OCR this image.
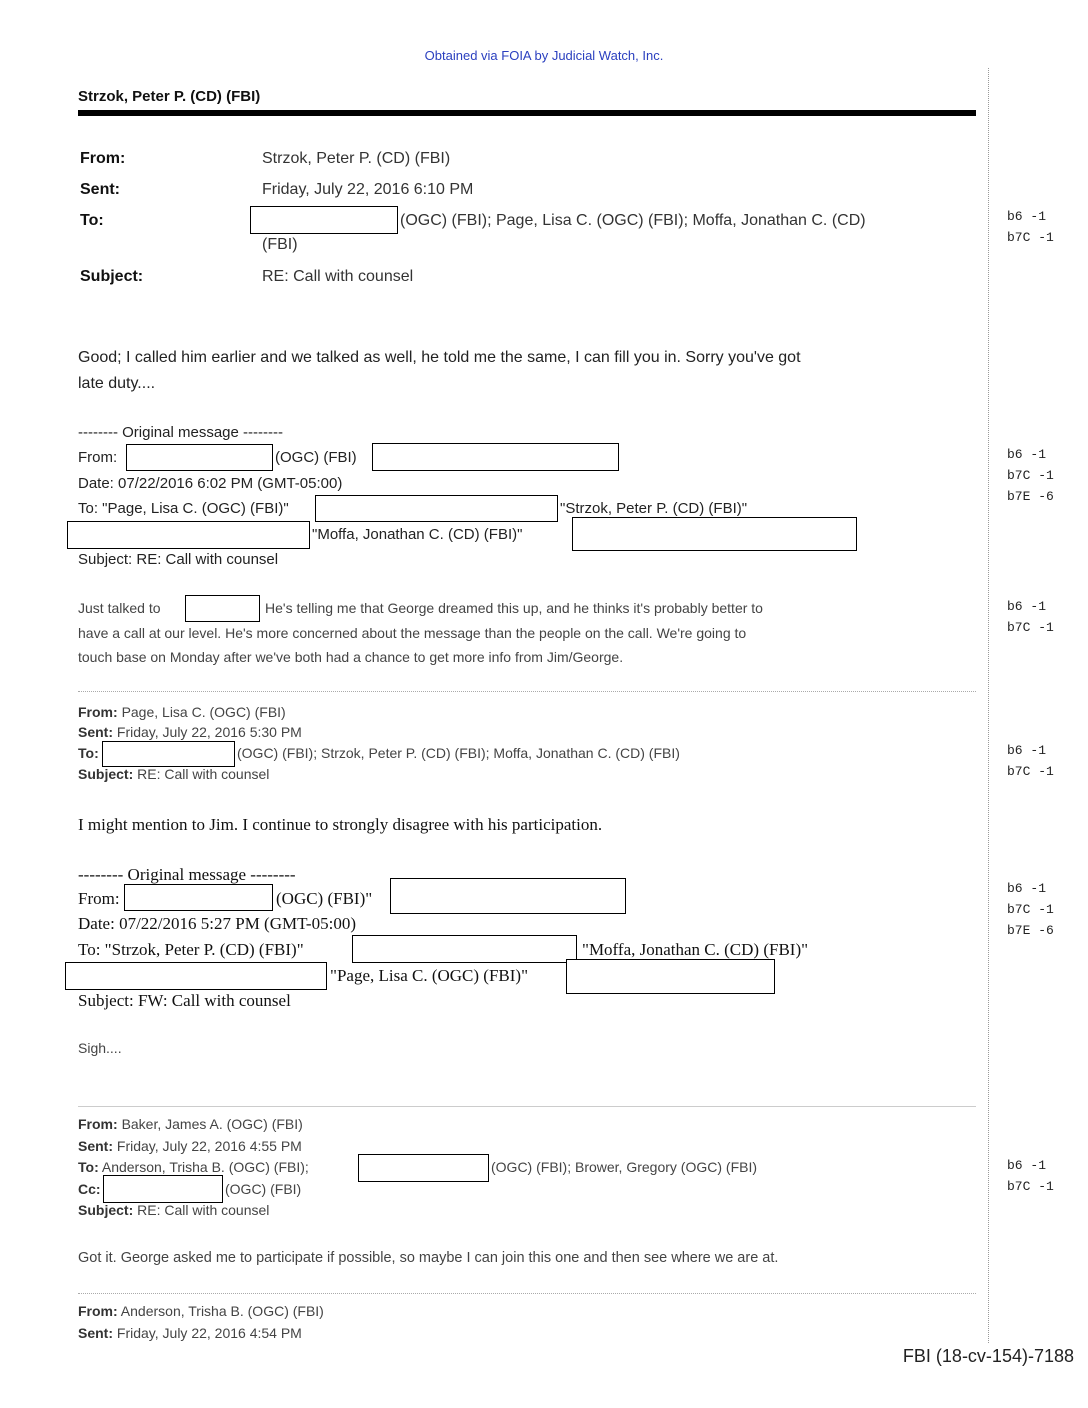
Obtained via FOIA by Judicial Watch, Inc.
Strzok, Peter P. (CD) (FBI)
From:	Strzok, Peter P. (CD) (FBI)
Sent:	Friday, July 22, 2016 6:10 PM
To:	(OGC) (FBI); Page, Lisa C. (OGC) (FBI); Moffa, Jonathan C. (CD)
(FBI)
Subject:	RE: Call with counsel
b6 -1
b7C -1
Good; I called him earlier and we talked as well, he told me the same, I can fill you in. Sorry you've got
late duty....
-------- Original message --------
From:	(OGC) (FBI)
Date: 07/22/2016 6:02 PM (GMT-05:00)
To: "Page, Lisa C. (OGC) (FBI)"	"Strzok, Peter P. (CD) (FBI)"
"Moffa, Jonathan C. (CD) (FBI)"
Subject: RE: Call with counsel
b6 -1
b7C -1
b7E -6
Just talked to	He's telling me that George dreamed this up, and he thinks it's probably better to
have a call at our level. He's more concerned about the message than the people on the call. We're going to
touch base on Monday after we've both had a chance to get more info from Jim/George.
b6 -1
b7C -1
From: Page, Lisa C. (OGC) (FBI)
Sent: Friday, July 22, 2016 5:30 PM
To:	(OGC) (FBI); Strzok, Peter P. (CD) (FBI); Moffa, Jonathan C. (CD) (FBI)
Subject: RE: Call with counsel
b6 -1
b7C -1
I might mention to Jim. I continue to strongly disagree with his participation.
-------- Original message --------
From:	(OGC) (FBI)"
Date: 07/22/2016 5:27 PM (GMT-05:00)
To: "Strzok, Peter P. (CD) (FBI)"	"Moffa, Jonathan C. (CD) (FBI)"
"Page, Lisa C. (OGC) (FBI)"
Subject: FW: Call with counsel
b6 -1
b7C -1
b7E -6
Sigh....
From: Baker, James A. (OGC) (FBI)
Sent: Friday, July 22, 2016 4:55 PM
To: Anderson, Trisha B. (OGC) (FBI);	(OGC) (FBI); Brower, Gregory (OGC) (FBI)
Cc:	(OGC) (FBI)
Subject: RE: Call with counsel
b6 -1
b7C -1
Got it. George asked me to participate if possible, so maybe I can join this one and then see where we are at.
From: Anderson, Trisha B. (OGC) (FBI)
Sent: Friday, July 22, 2016 4:54 PM
FBI (18-cv-154)-7188
